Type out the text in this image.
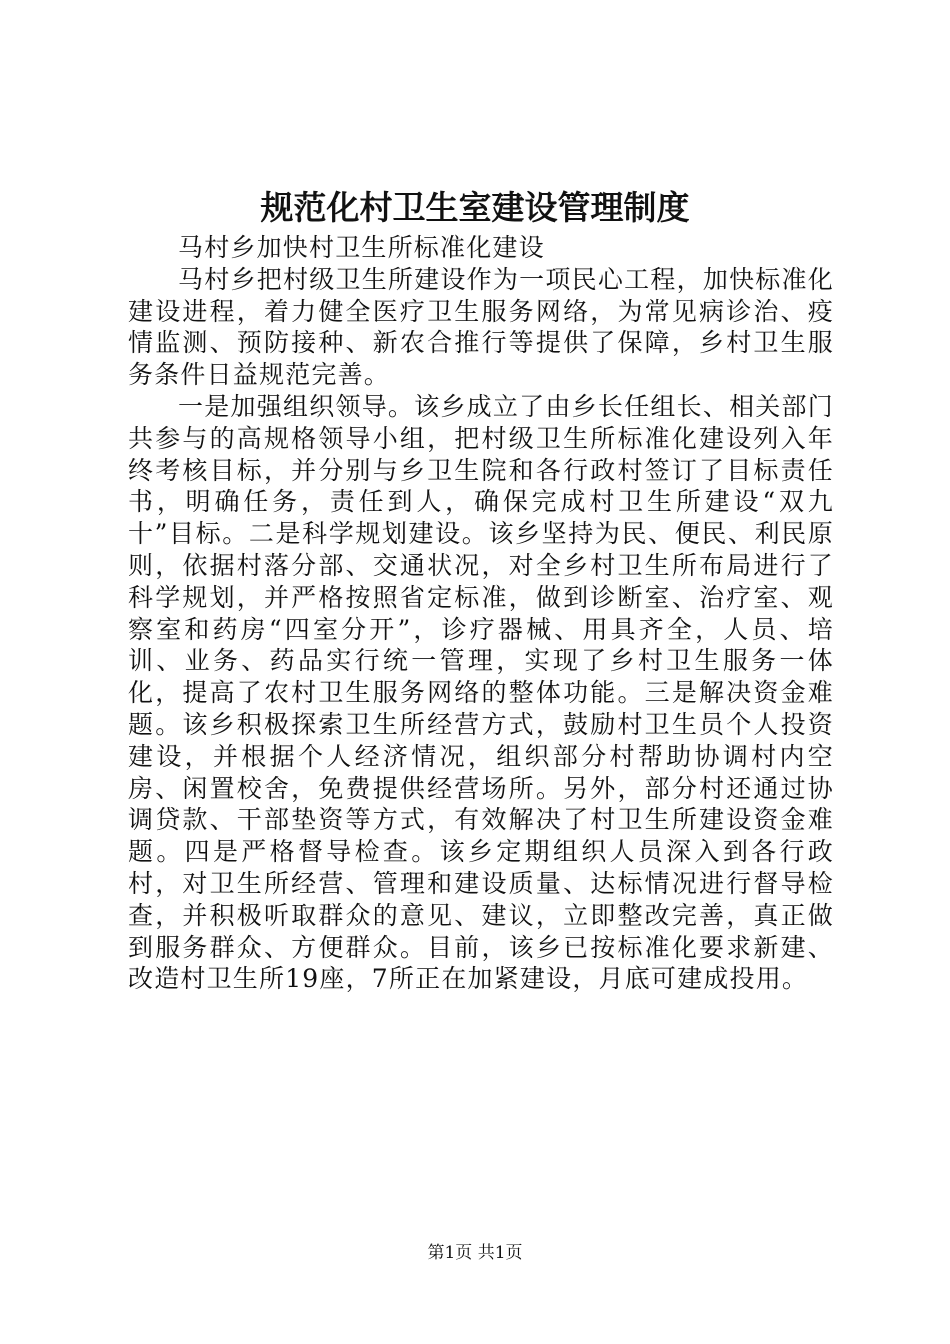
规范化村卫生室建设管理制度

马村乡加快村卫生所标准化建设

马村乡把村级卫生所建设作为一项民心工程，加快标准化建设进程，着力健全医疗卫生服务网络，为常见病诊治、疫情监测、预防接种、新农合推行等提供了保障，乡村卫生服务条件日益规范完善。

一是加强组织领导。该乡成立了由乡长任组长、相关部门共参与的高规格领导小组，把村级卫生所标准化建设列入年终考核目标，并分别与乡卫生院和各行政村签订了目标责任书，明确任务，责任到人，确保完成村卫生所建设“双九十”目标。二是科学规划建设。该乡坚持为民、便民、利民原则，依据村落分部、交通状况，对全乡村卫生所布局进行了科学规划，并严格按照省定标准，做到诊断室、治疗室、观察室和药房“四室分开”，诊疗器械、用具齐全，人员、培训、业务、药品实行统一管理，实现了乡村卫生服务一体化，提高了农村卫生服务网络的整体功能。三是解决资金难题。该乡积极探索卫生所经营方式，鼓励村卫生员个人投资建设，并根据个人经济情况，组织部分村帮助协调村内空房、闲置校舍，免费提供经营场所。另外，部分村还通过协调贷款、干部垫资等方式，有效解决了村卫生所建设资金难题。四是严格督导检查。该乡定期组织人员深入到各行政村，对卫生所经营、管理和建设质量、达标情况进行督导检查，并积极听取群众的意见、建议，立即整改完善，真正做到服务群众、方便群众。目前，该乡已按标准化要求新建、改造村卫生所19座，7所正在加紧建设，月底可建成投用。

第1页 共1页
